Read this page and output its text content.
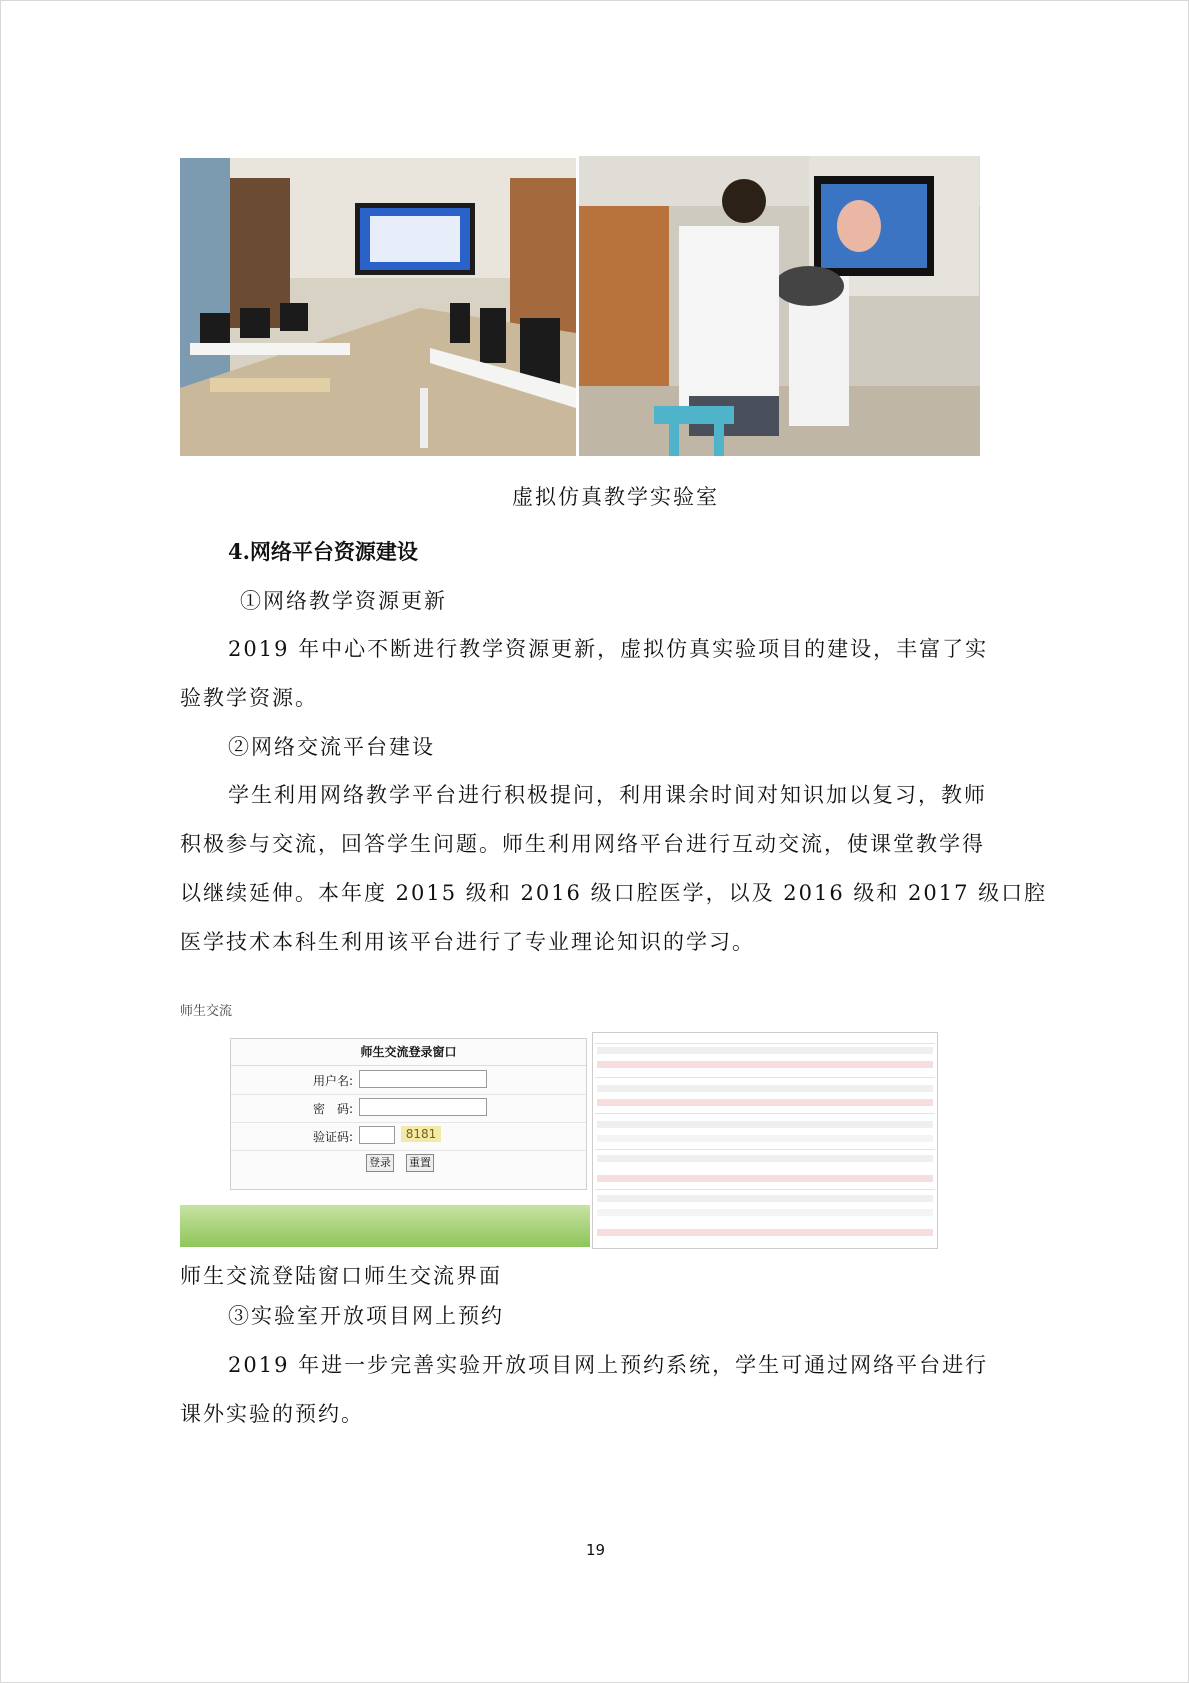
虚拟仿真教学实验室
4.网络平台资源建设
①网络教学资源更新
2019 年中心不断进行教学资源更新，虚拟仿真实验项目的建设，丰富了实
验教学资源。
②网络交流平台建设
学生利用网络教学平台进行积极提问，利用课余时间对知识加以复习，教师
积极参与交流，回答学生问题。师生利用网络平台进行互动交流，使课堂教学得
以继续延伸。本年度 2015 级和 2016 级口腔医学，以及 2016 级和 2017 级口腔
医学技术本科生利用该平台进行了专业理论知识的学习。
师生交流
师生交流登录窗口
用户名:
密　码:
验证码:	8181
登录 重置
师生交流登陆窗口师生交流界面
③实验室开放项目网上预约
2019 年进一步完善实验开放项目网上预约系统，学生可通过网络平台进行
课外实验的预约。
19
